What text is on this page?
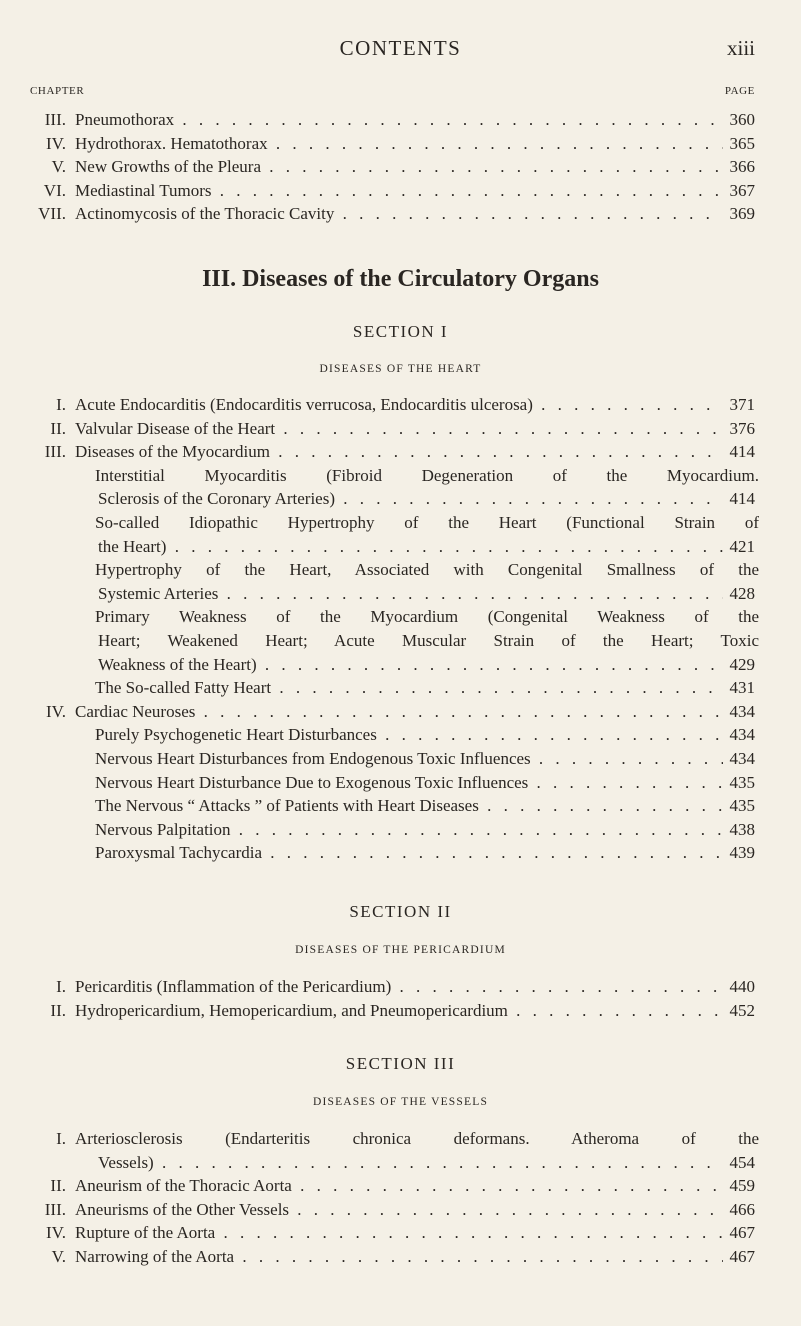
CONTENTS	xiii
CHAPTER	PAGE
III. Pneumothorax . . .	360
IV. Hydrothorax. Hematothorax . . .	365
V. New Growths of the Pleura . . .	366
VI. Mediastinal Tumors . . .	367
VII. Actinomycosis of the Thoracic Cavity . . .	369
III. Diseases of the Circulatory Organs
SECTION I
DISEASES OF THE HEART
I. Acute Endocarditis (Endocarditis verrucosa, Endocarditis ulcerosa) . . .	371
II. Valvular Disease of the Heart . . .	376
III. Diseases of the Myocardium . . .	414
Interstitial Myocarditis (Fibroid Degeneration of the Myocardium.
Sclerosis of the Coronary Arteries) . . .	414
So-called Idiopathic Hypertrophy of the Heart (Functional Strain of
the Heart) . . .	421
Hypertrophy of the Heart, Associated with Congenital Smallness of the
Systemic Arteries . . .	428
Primary Weakness of the Myocardium (Congenital Weakness of the
Heart; Weakened Heart; Acute Muscular Strain of the Heart; Toxic
Weakness of the Heart) . . .	429
The So-called Fatty Heart . . .	431
IV. Cardiac Neuroses . . .	434
Purely Psychogenetic Heart Disturbances . . .	434
Nervous Heart Disturbances from Endogenous Toxic Influences . . .	434
Nervous Heart Disturbance Due to Exogenous Toxic Influences . . .	435
The Nervous “ Attacks ” of Patients with Heart Diseases . . .	435
Nervous Palpitation . . .	438
Paroxysmal Tachycardia . . .	439
SECTION II
DISEASES OF THE PERICARDIUM
I. Pericarditis (Inflammation of the Pericardium) . . .	440
II. Hydropericardium, Hemopericardium, and Pneumopericardium . . .	452
SECTION III
DISEASES OF THE VESSELS
I. Arteriosclerosis (Endarteritis chronica deformans. Atheroma of the
Vessels) . . .	454
II. Aneurism of the Thoracic Aorta . . .	459
III. Aneurisms of the Other Vessels . . .	466
IV. Rupture of the Aorta . . .	467
V. Narrowing of the Aorta . . .	467
